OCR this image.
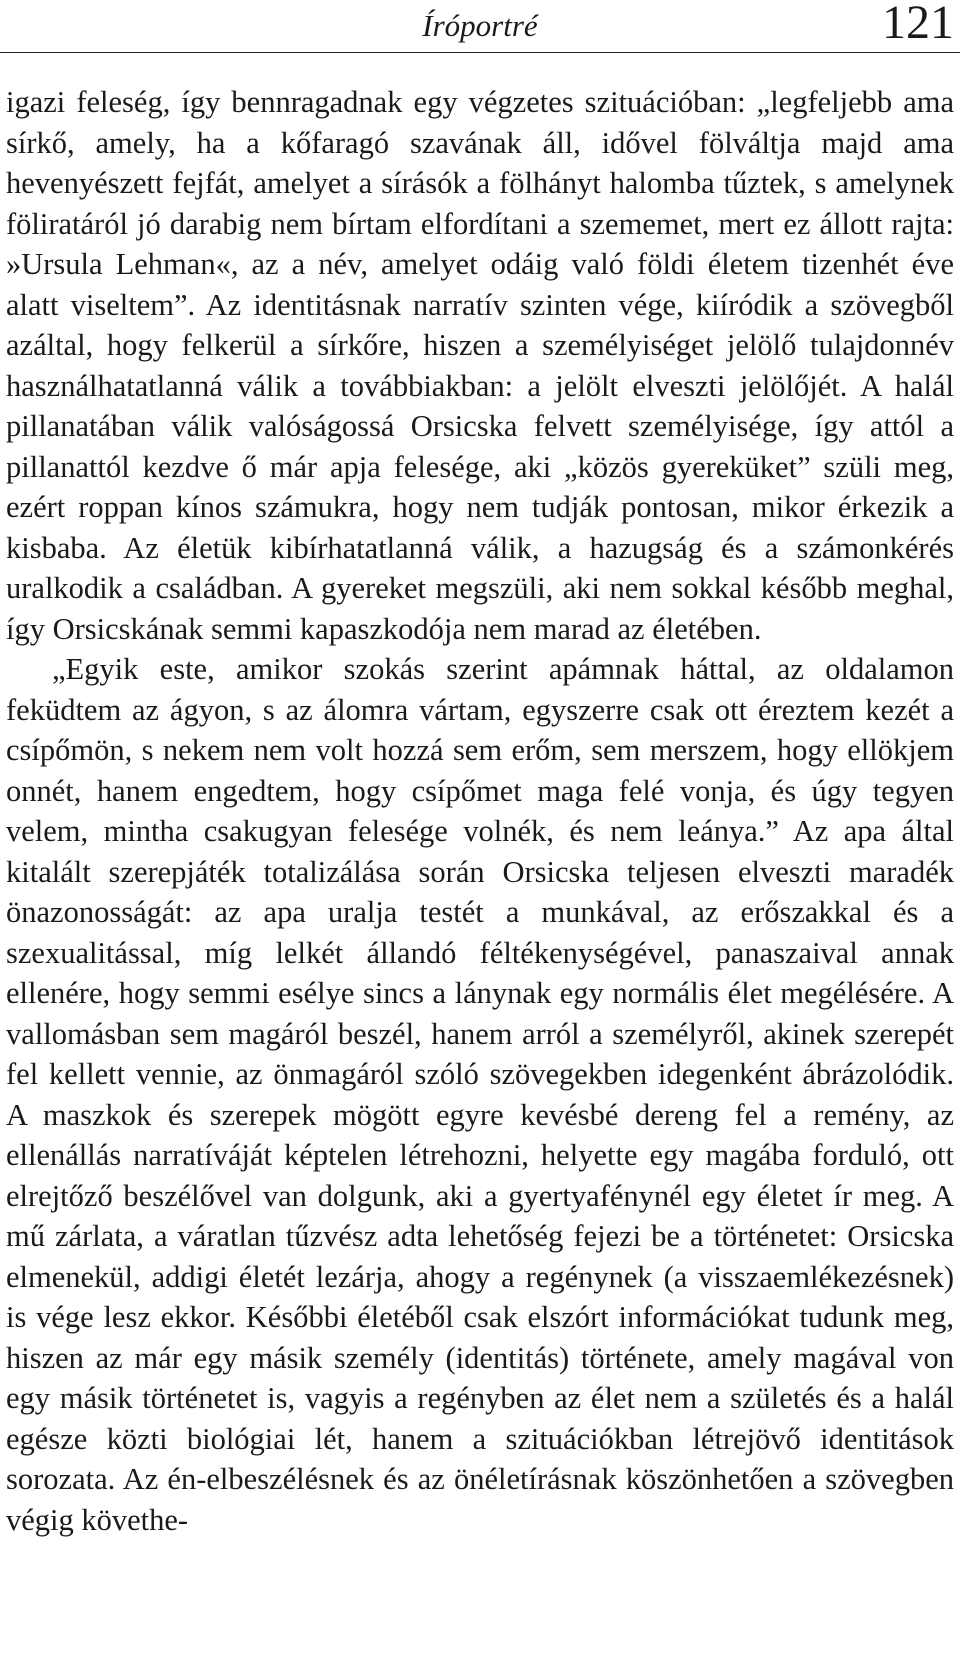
Íróportré	121

igazi feleség, így bennragadnak egy végzetes szituációban: „legfeljebb ama sírkő, amely, ha a kőfaragó szavának áll, idővel fölváltja majd ama hevenyészett fejfát, amelyet a sírásók a fölhányt halomba tűztek, s amelynek föliratáról jó darabig nem bírtam elfordítani a szememet, mert ez állott rajta: »Ursula Lehman«, az a név, amelyet odáig való földi életem tizenhét éve alatt viseltem”. Az identitásnak narratív szinten vége, kiíródik a szövegből azáltal, hogy felkerül a sírkőre, hiszen a személyiséget jelölő tulajdonnév használhatatlanná válik a továbbiakban: a jelölt elveszti jelölőjét. A halál pillanatában válik valóságossá Orsicska felvett személyisége, így attól a pillanattól kezdve ő már apja felesége, aki „közös gyereküket” szüli meg, ezért roppan kínos számukra, hogy nem tudják pontosan, mikor érkezik a kisbaba. Az életük kibírhatatlanná válik, a hazugság és a számonkérés uralkodik a családban. A gyereket megszüli, aki nem sokkal később meghal, így Orsicskának semmi kapaszkodója nem marad az életében.

„Egyik este, amikor szokás szerint apámnak háttal, az oldalamon feküdtem az ágyon, s az álomra vártam, egyszerre csak ott éreztem kezét a csípőmön, s nekem nem volt hozzá sem erőm, sem merszem, hogy ellökjem onnét, hanem engedtem, hogy csípőmet maga felé vonja, és úgy tegyen velem, mintha csakugyan felesége volnék, és nem leánya.” Az apa által kitalált szerepjáték totalizálása során Orsicska teljesen elveszti maradék önazonosságát: az apa uralja testét a munkával, az erőszakkal és a szexualitással, míg lelkét állandó féltékenységével, panaszaival annak ellenére, hogy semmi esélye sincs a lánynak egy normális élet megélésére. A vallomásban sem magáról beszél, hanem arról a személyről, akinek szerepét fel kellett vennie, az önmagáról szóló szövegekben idegenként ábrázolódik. A maszkok és szerepek mögött egyre kevésbé dereng fel a remény, az ellenállás narratíváját képtelen létrehozni, helyette egy magába forduló, ott elrejtőző beszélővel van dolgunk, aki a gyertyafénynél egy életet ír meg. A mű zárlata, a váratlan tűzvész adta lehetőség fejezi be a történetet: Orsicska elmenekül, addigi életét lezárja, ahogy a regénynek (a visszaemlékezésnek) is vége lesz ekkor. Későbbi életéből csak elszórt információkat tudunk meg, hiszen az már egy másik személy (identitás) története, amely magával von egy másik történetet is, vagyis a regényben az élet nem a születés és a halál egésze közti biológiai lét, hanem a szituációkban létrejövő identitások sorozata. Az én-elbeszélésnek és az önéletírásnak köszönhetően a szövegben végig követhe-
